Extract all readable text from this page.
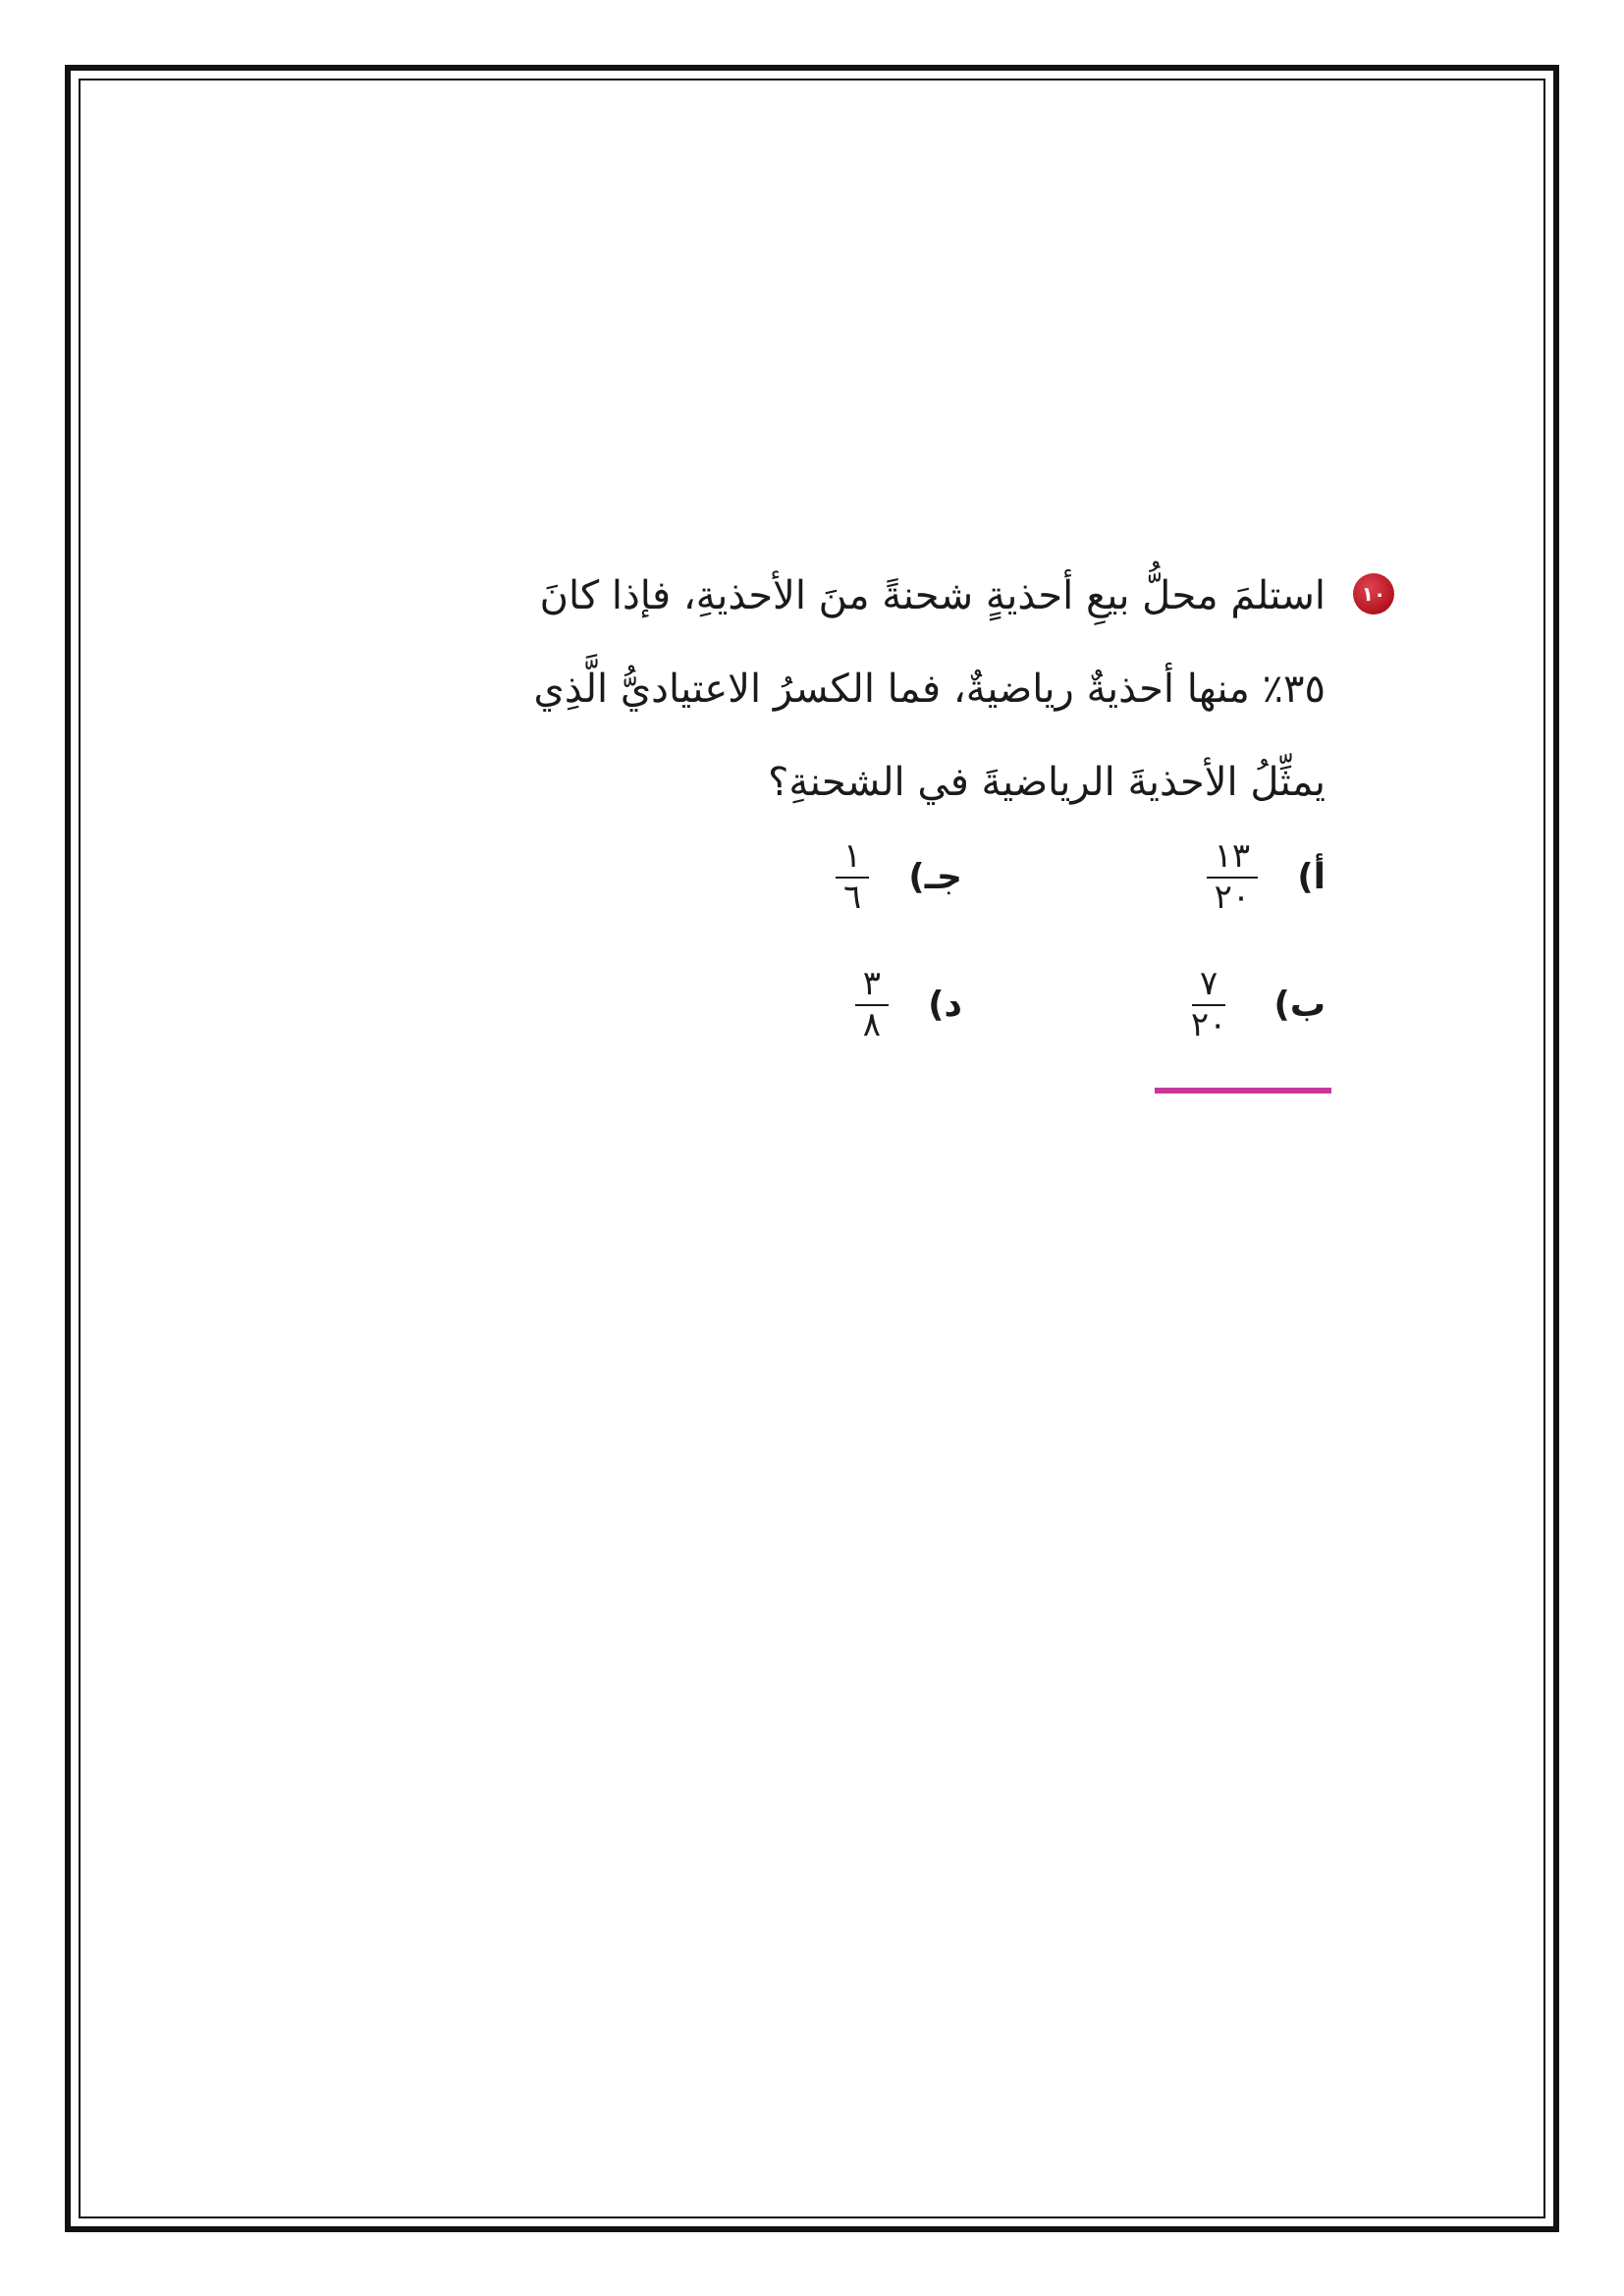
١٠
استلمَ محلُّ بيعِ أحذيةٍ شحنةً منَ الأحذيةِ، فإذا كانَ
٣٥٪ منها أحذيةٌ رياضيةٌ، فما الكسرُ الاعتياديُّ الَّذِي
يمثِّلُ الأحذيةَ الرياضيةَ في الشحنةِ؟
أ)
$\frac{١٣}{٢٠}$
ب)
$\frac{٧}{٢٠}$
جـ)
$\frac{١}{٦}$
د)
$\frac{٣}{٨}$
